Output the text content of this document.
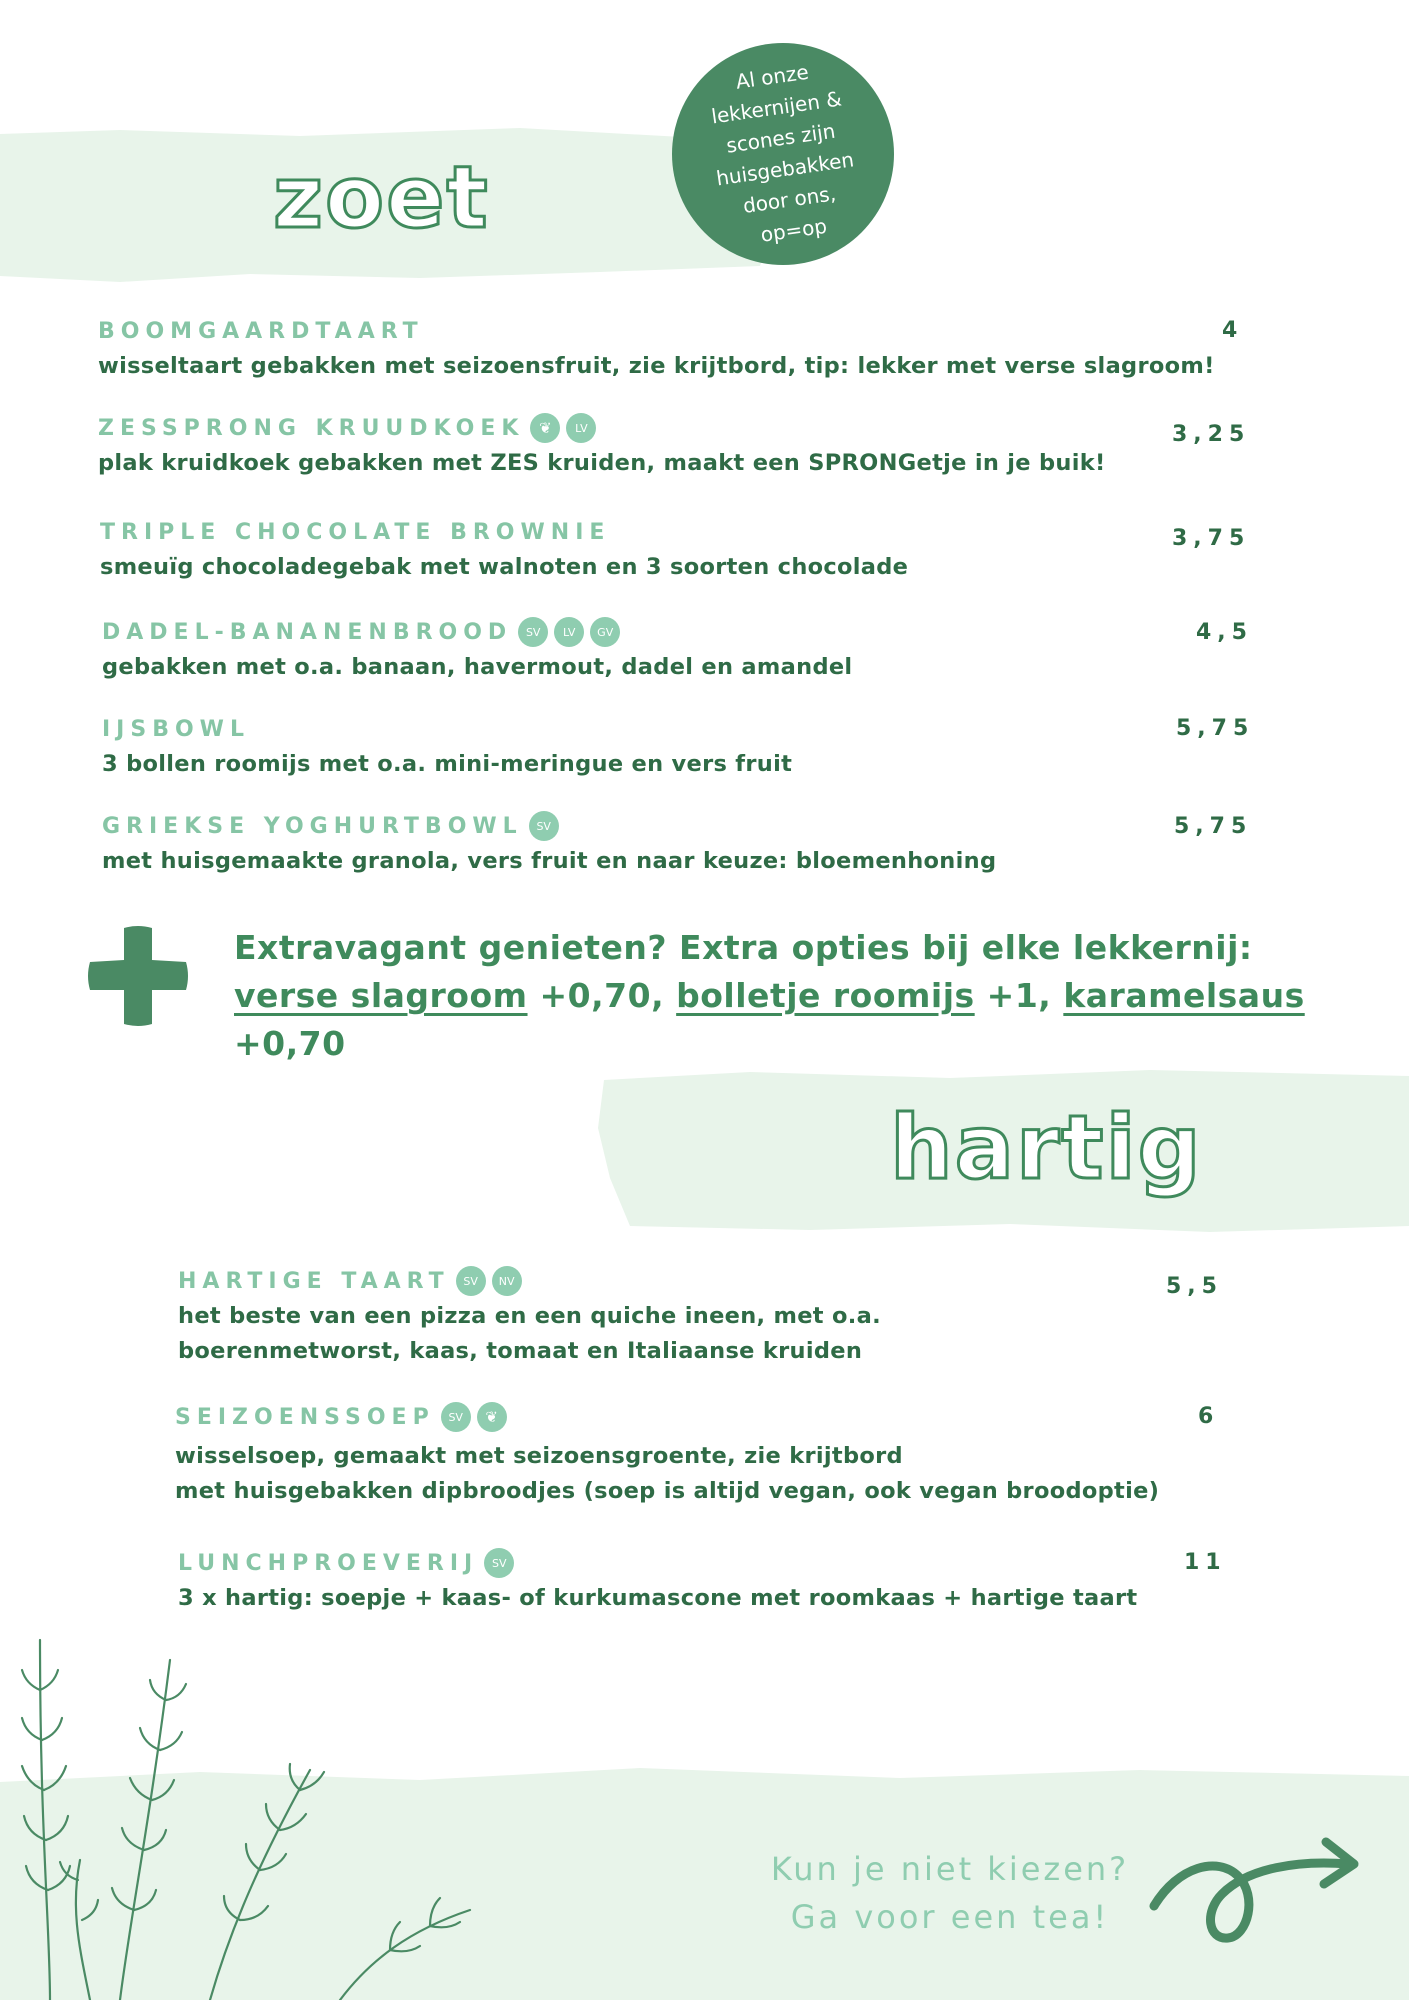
zoet
Al onze
lekkernijen &
scones zijn
huisgebakken
door ons,
op=op
BOOMGAARDTAART
wisseltaart gebakken met seizoensfruit, zie krijtbord, tip: lekker met verse slagroom!
4
ZESSPRONG KRUUDKOEK ❦	LV
plak kruidkoek gebakken met ZES kruiden, maakt een SPRONGetje in je buik!
3,25
TRIPLE CHOCOLATE BROWNIE
smeuïg chocoladegebak met walnoten en 3 soorten chocolade
3,75
DADEL-BANANENBROOD	SV	LV	GV
gebakken met o.a. banaan, havermout, dadel en amandel
4,5
IJSBOWL
3 bollen roomijs met o.a. mini-meringue en vers fruit
5,75
GRIEKSE YOGHURTBOWL	SV
met huisgemaakte granola, vers fruit en naar keuze: bloemenhoning
5,75
Extravagant genieten? Extra opties bij elke lekkernij: verse slagroom +0,70, bolletje roomijs +1, karamelsaus +0,70
hartig
HARTIGE TAART	SV	NV
het beste van een pizza en een quiche ineen, met o.a.
boerenmetworst, kaas, tomaat en Italiaanse kruiden
5,5
SEIZOENSSOEP	SV	❦
wisselsoep, gemaakt met seizoensgroente, zie krijtbord
met huisgebakken dipbroodjes (soep is altijd vegan, ook vegan broodoptie)
6
LUNCHPROEVERIJ	SV
3 x hartig: soepje + kaas- of kurkumascone met roomkaas + hartige taart
11
Kun je niet kiezen?
Ga voor een tea!
